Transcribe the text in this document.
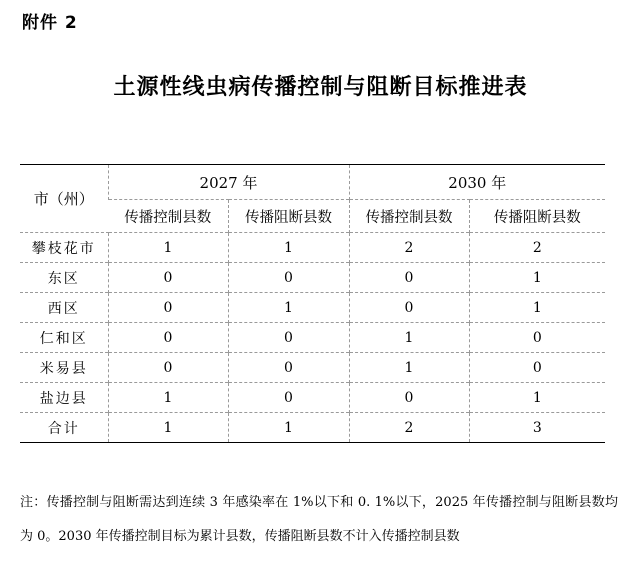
附件 2
土源性线虫病传播控制与阻断目标推进表
市（州）	2027 年		2030 年	
	传播控制县数	传播阻断县数	传播控制县数	传播阻断县数
攀枝花市	1	1	2	2
东区	0	0	0	1
西区	0	1	0	1
仁和区	0	0	1	0
米易县	0	0	1	0
盐边县	1	0	0	1
合计	1	1	2	3
注：传播控制与阻断需达到连续 3 年感染率在 1%以下和 0. 1%以下，2025 年传播控制与阻断县数均为 0。2030 年传播控制目标为累计县数，传播阻断县数不计入传播控制县数
